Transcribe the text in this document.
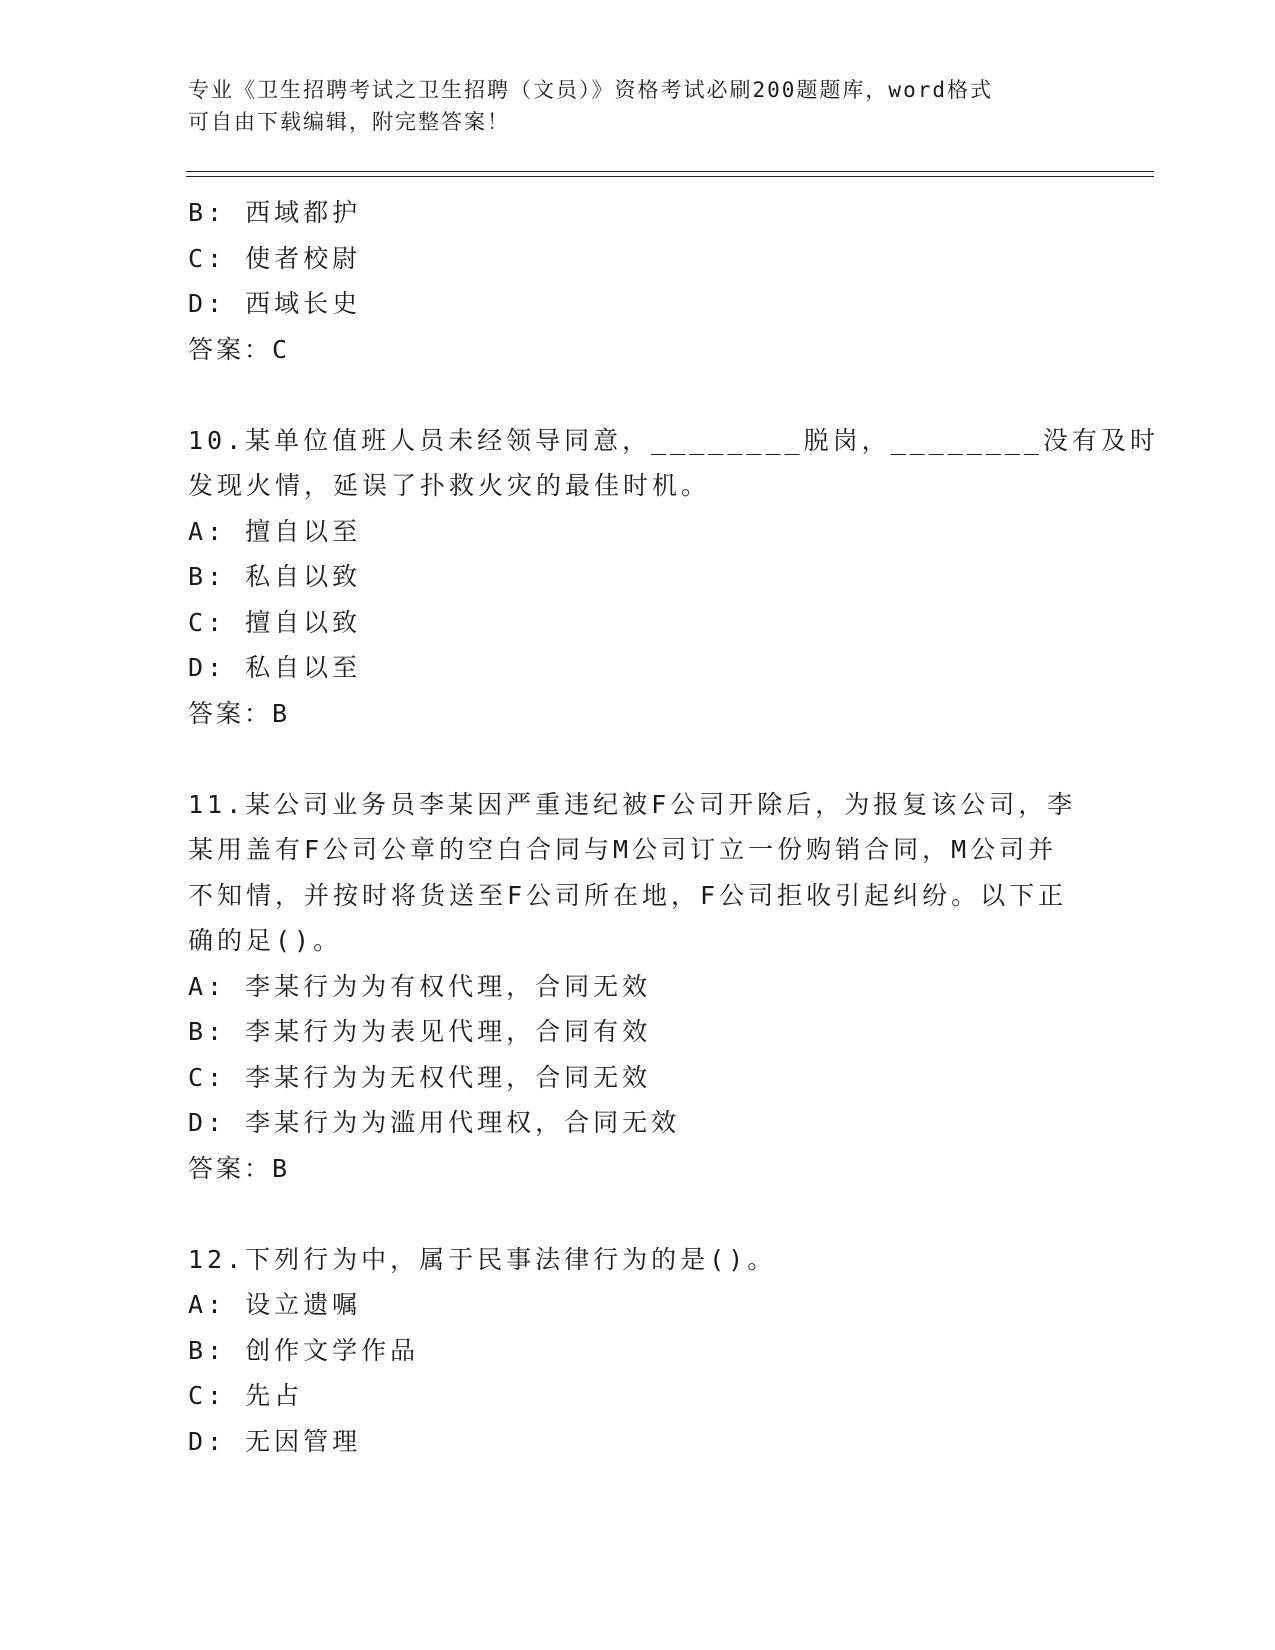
专业《卫生招聘考试之卫生招聘（文员）》资格考试必刷200题题库，word格式
可自由下载编辑，附完整答案！
B: 西域都护
C: 使者校尉
D: 西域长史
答案：C
10.某单位值班人员未经领导同意，________脱岗，________没有及时
发现火情，延误了扑救火灾的最佳时机。
A: 擅自以至
B: 私自以致
C: 擅自以致
D: 私自以至
答案：B
11.某公司业务员李某因严重违纪被F公司开除后，为报复该公司，李
某用盖有F公司公章的空白合同与M公司订立一份购销合同，M公司并
不知情，并按时将货送至F公司所在地，F公司拒收引起纠纷。以下正
确的足()。
A: 李某行为为有权代理，合同无效
B: 李某行为为表见代理，合同有效
C: 李某行为为无权代理，合同无效
D: 李某行为为滥用代理权，合同无效
答案：B
12.下列行为中，属于民事法律行为的是()。
A: 设立遗嘱
B: 创作文学作品
C: 先占
D: 无因管理
